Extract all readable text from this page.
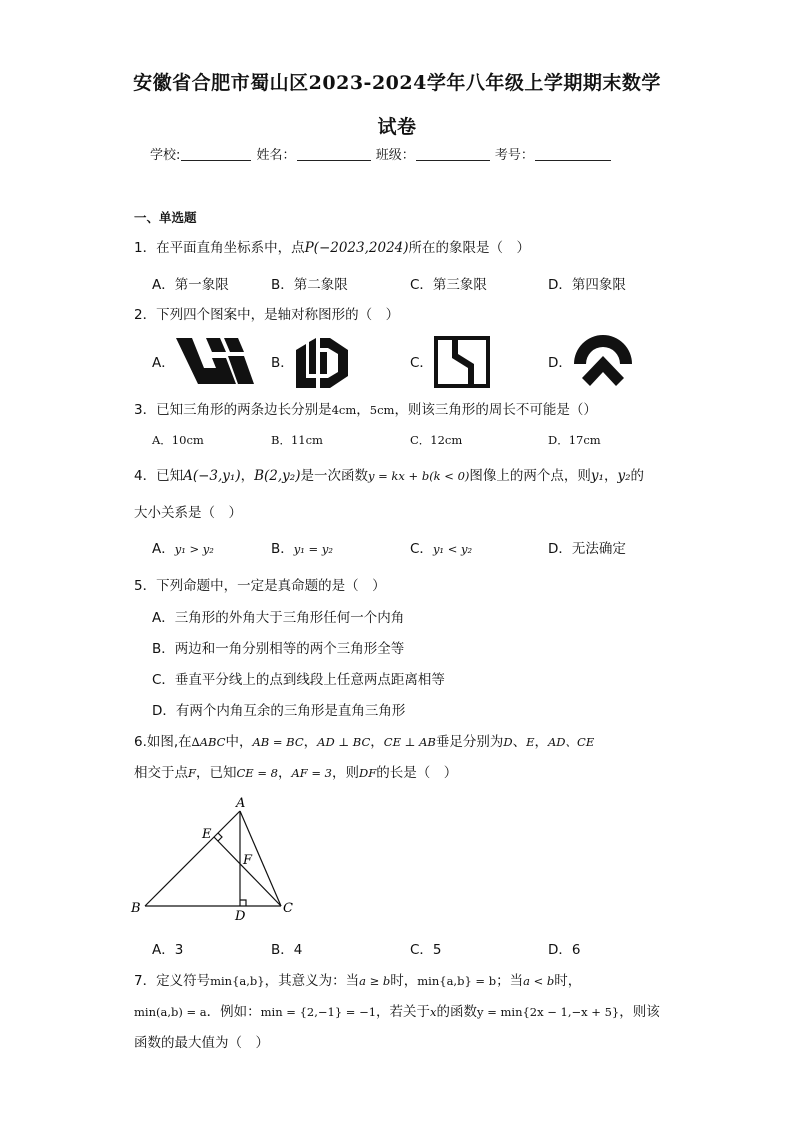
安徽省合肥市蜀山区2023-2024学年八年级上学期期末数学
试卷
学校:	姓名：	班级：	考号：
一、单选题
1．在平面直角坐标系中，点P(−2023,2024)所在的象限是（　）
A．第一象限	B．第二象限	C．第三象限	D．第四象限
2．下列四个图案中，是轴对称图形的（　）
A．	B．	C．	D．
3．已知三角形的两条边长分别是4cm，5cm，则该三角形的周长不可能是（）
A．10cm	B．11cm	C．12cm	D．17cm
4．已知A(−3,y₁)，B(2,y₂)是一次函数y = kx + b(k < 0)图像上的两个点，则y₁，y₂的
大小关系是（　）
A．y₁ > y₂	B．y₁ = y₂	C．y₁ < y₂	D．无法确定
5．下列命题中，一定是真命题的是（　）
A．三角形的外角大于三角形任何一个内角
B．两边和一角分别相等的两个三角形全等
C．垂直平分线上的点到线段上任意两点距离相等
D．有两个内角互余的三角形是直角三角形
6.如图,在∆ABC中，AB = BC，AD ⊥ BC，CE ⊥ AB垂足分别为D、E，AD、CE
相交于点F，已知CE = 8，AF = 3，则DF的长是（　）
A
B	C
D
E
F
A．3	B．4	C．5	D．6
7．定义符号min{a,b}，其意义为：当a ≥ b时，min{a,b} = b；当a < b时，
min(a,b) = a．例如：min = {2,−1} = −1，若关于x的函数y = min{2x − 1,−x + 5}，则该
函数的最大值为（　）
